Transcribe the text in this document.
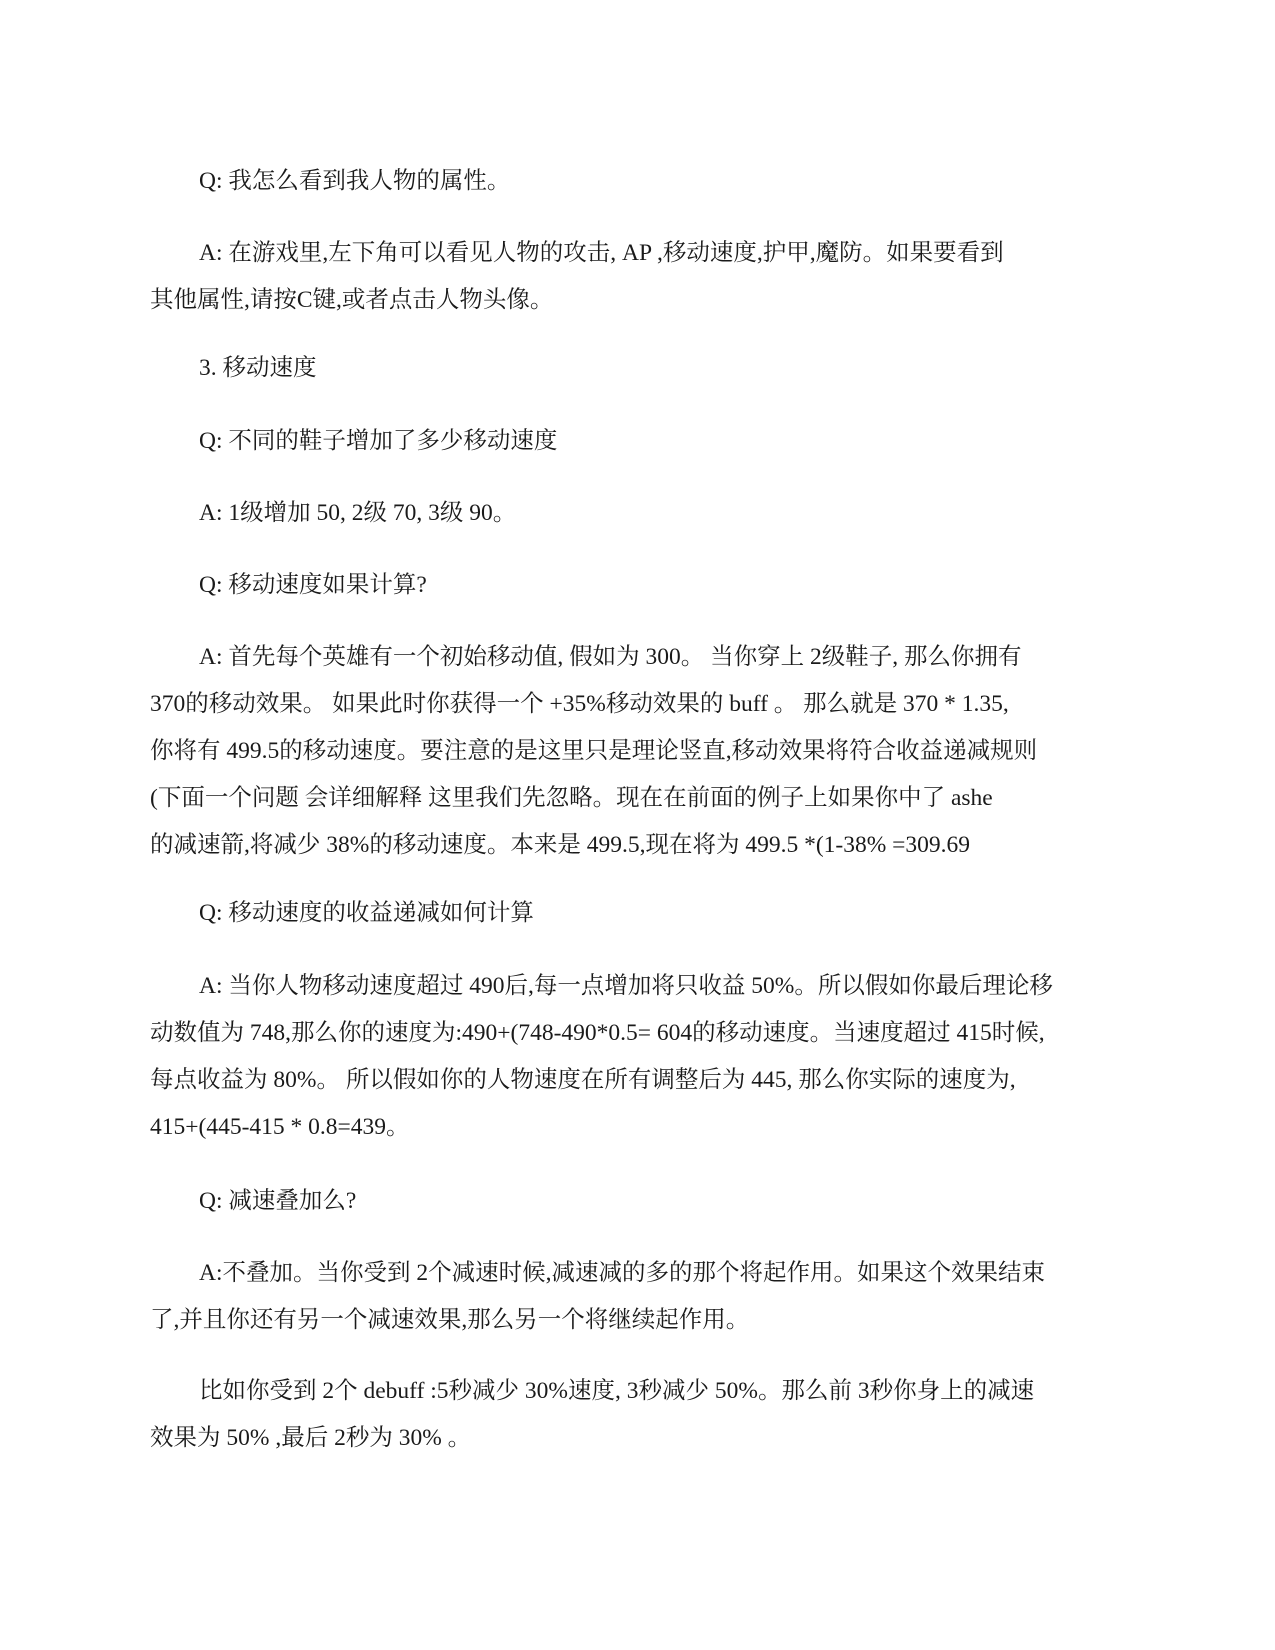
Q: 我怎么看到我人物的属性。

A: 在游戏里,左下角可以看见人物的攻击, AP ,移动速度,护甲,魔防。如果要看到
其他属性,请按C键,或者点击人物头像。

3. 移动速度

Q: 不同的鞋子增加了多少移动速度

A: 1级增加 50, 2级 70, 3级 90。

Q: 移动速度如果计算?

A: 首先每个英雄有一个初始移动值, 假如为 300。 当你穿上 2级鞋子, 那么你拥有
370的移动效果。 如果此时你获得一个 +35%移动效果的 buff 。 那么就是 370 * 1.35,
你将有 499.5的移动速度。要注意的是这里只是理论竖直,移动效果将符合收益递减规则
(下面一个问题 会详细解释 这里我们先忽略。现在在前面的例子上如果你中了 ashe
的减速箭,将减少 38%的移动速度。本来是 499.5,现在将为 499.5 *(1-38% =309.69

Q: 移动速度的收益递减如何计算

A: 当你人物移动速度超过 490后,每一点增加将只收益 50%。所以假如你最后理论移
动数值为 748,那么你的速度为:490+(748-490*0.5= 604的移动速度。当速度超过 415时候,
每点收益为 80%。 所以假如你的人物速度在所有调整后为 445, 那么你实际的速度为,
415+(445-415 * 0.8=439。

Q: 减速叠加么?

A:不叠加。当你受到 2个减速时候,减速减的多的那个将起作用。如果这个效果结束
了,并且你还有另一个减速效果,那么另一个将继续起作用。

比如你受到 2个 debuff :5秒减少 30%速度, 3秒减少 50%。那么前 3秒你身上的减速
效果为 50% ,最后 2秒为 30% 。
